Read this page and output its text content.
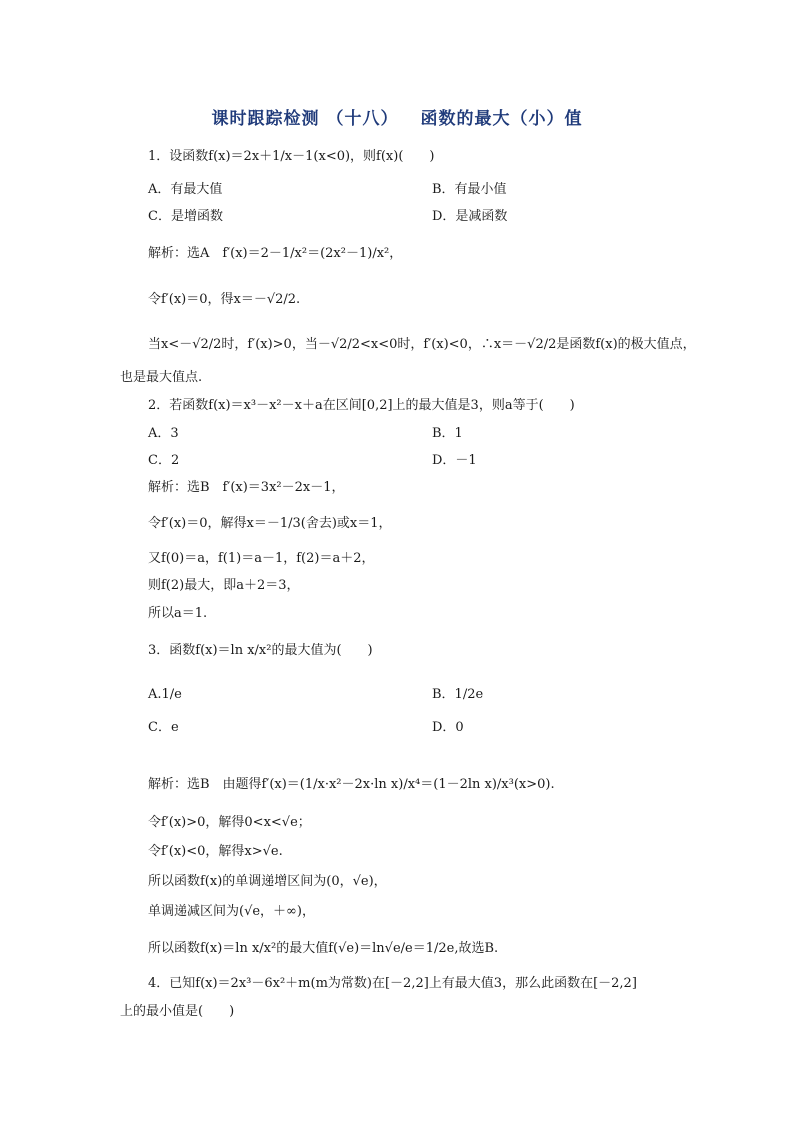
课时跟踪检测 （十八） 函数的最大（小）值
1．设函数f(x)＝2x＋1/x－1(x<0)，则f(x)(　　)
A．有最大值	B．有最小值
C．是增函数	D．是减函数
解析：选A　f′(x)＝2－1/x²＝(2x²－1)/x²，
令f′(x)＝0，得x＝－√2/2.
当x<－√2/2时，f′(x)>0，当－√2/2<x<0时，f′(x)<0，∴x＝－√2/2是函数f(x)的极大值点，
也是最大值点.
2．若函数f(x)＝x³－x²－x＋a在区间[0,2]上的最大值是3，则a等于(　　)
A．3	B．1
C．2	D．－1
解析：选B　f′(x)＝3x²－2x－1，
令f′(x)＝0，解得x＝－1/3(舍去)或x＝1，
又f(0)＝a，f(1)＝a－1，f(2)＝a＋2，
则f(2)最大，即a＋2＝3，
所以a＝1.
3．函数f(x)＝ln x/x²的最大值为(　　)
A.1/e	B．1/2e
C．e	D．0
解析：选B　由题得f′(x)＝(1/x·x²－2x·ln x)/x⁴＝(1－2ln x)/x³(x>0).
令f′(x)>0，解得0<x<√e；
令f′(x)<0，解得x>√e.
所以函数f(x)的单调递增区间为(0，√e)，
单调递减区间为(√e，＋∞)，
所以函数f(x)＝ln x/x²的最大值f(√e)＝ln√e/e＝1/2e,故选B.
4．已知f(x)＝2x³－6x²＋m(m为常数)在[－2,2]上有最大值3，那么此函数在[－2,2]
上的最小值是(　　)
